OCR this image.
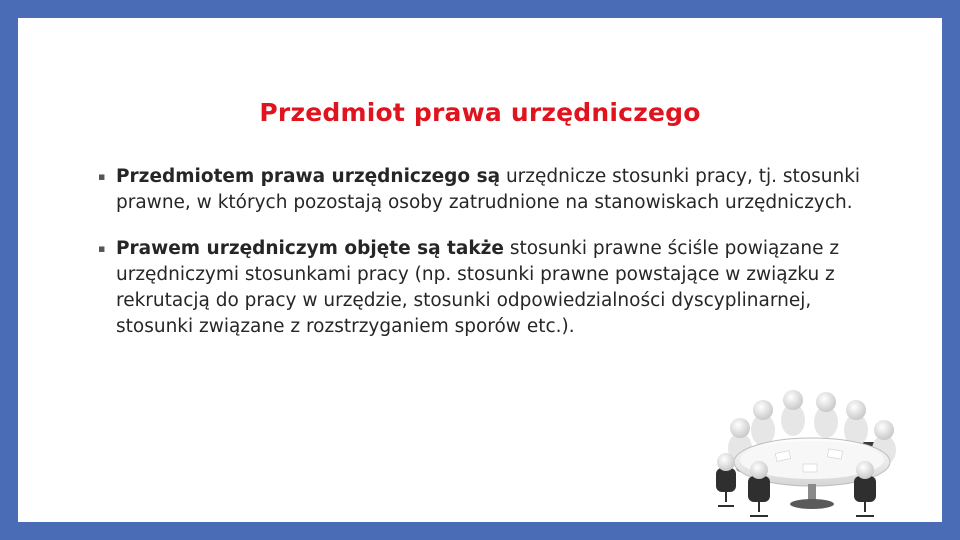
Przedmiot prawa urzędniczego
▪ Przedmiotem prawa urzędniczego są urzędnicze stosunki pracy, tj. stosunki prawne, w których pozostają osoby zatrudnione na stanowiskach urzędniczych.
▪ Prawem urzędniczym objęte są także stosunki prawne ściśle powiązane z urzędniczymi stosunkami pracy (np. stosunki prawne powstające w związku z rekrutacją do pracy w urzędzie, stosunki odpowiedzialności dyscyplinarnej, stosunki związane z rozstrzyganiem sporów etc.).
